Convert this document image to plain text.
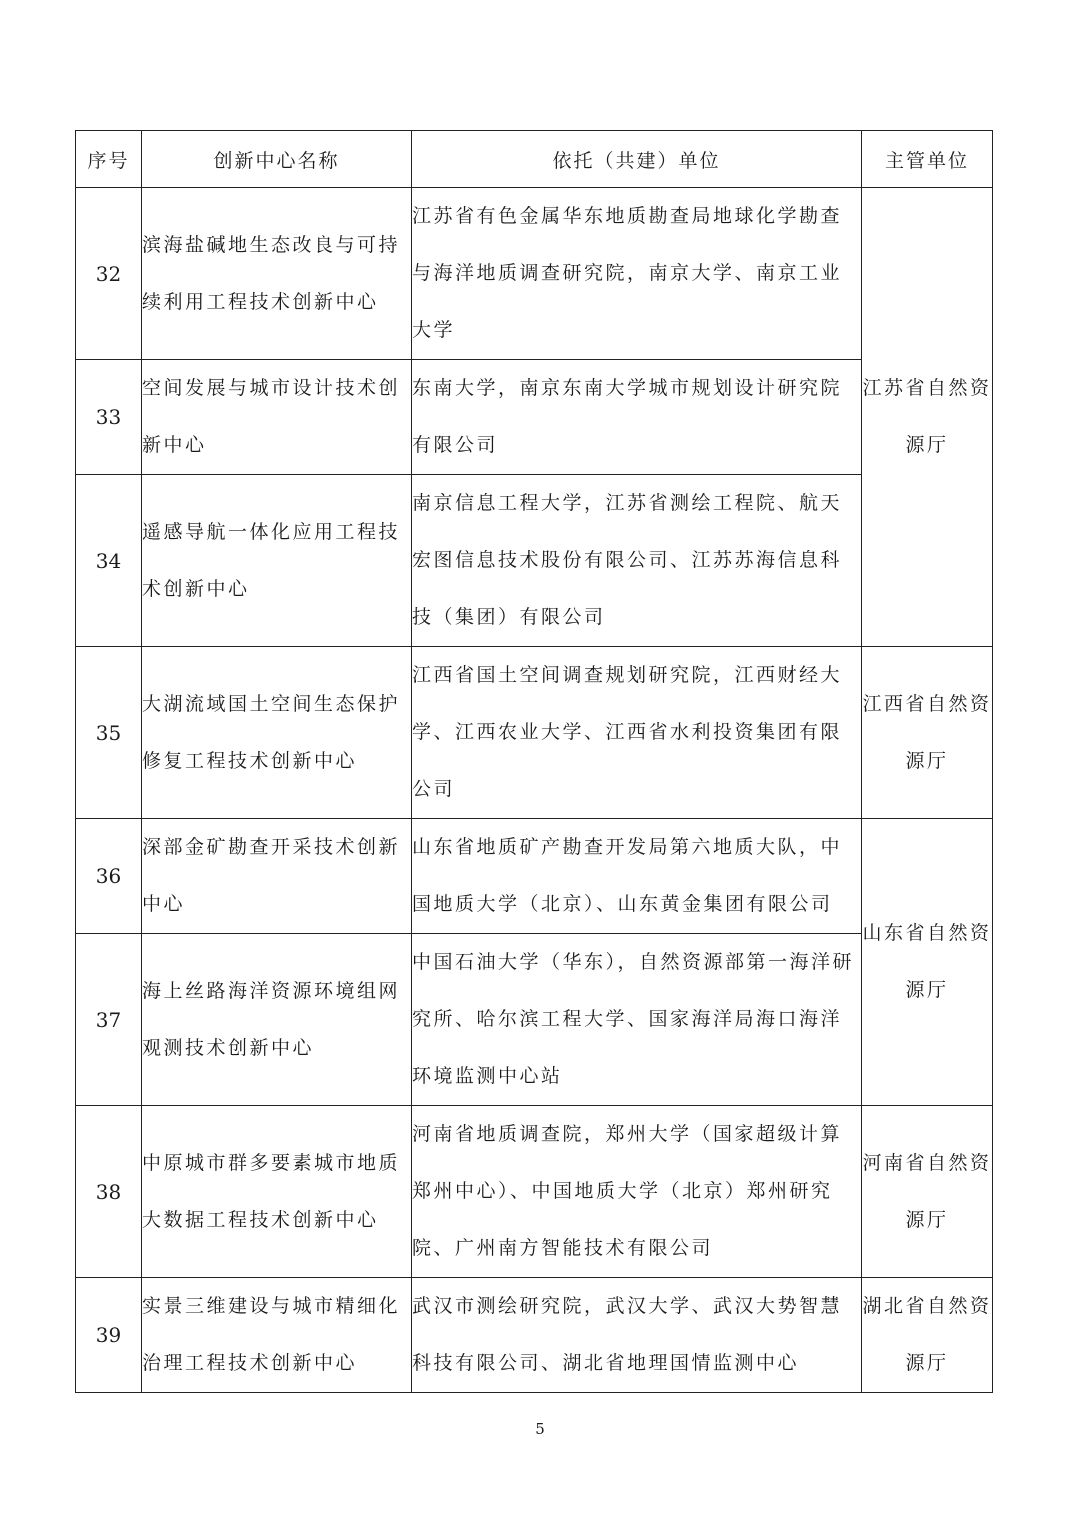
序号	创新中心名称	依托（共建）单位	主管单位
32	滨海盐碱地生态改良与可持续利用工程技术创新中心	江苏省有色金属华东地质勘查局地球化学勘查与海洋地质调查研究院，南京大学、南京工业大学	江苏省自然资源厅
33	空间发展与城市设计技术创新中心	东南大学，南京东南大学城市规划设计研究院有限公司	
34	遥感导航一体化应用工程技术创新中心	南京信息工程大学，江苏省测绘工程院、航天宏图信息技术股份有限公司、江苏苏海信息科技（集团）有限公司	
35	大湖流域国土空间生态保护修复工程技术创新中心	江西省国土空间调查规划研究院，江西财经大学、江西农业大学、江西省水利投资集团有限公司	江西省自然资源厅
36	深部金矿勘查开采技术创新中心	山东省地质矿产勘查开发局第六地质大队，中国地质大学（北京）、山东黄金集团有限公司	山东省自然资源厅
37	海上丝路海洋资源环境组网观测技术创新中心	中国石油大学（华东），自然资源部第一海洋研究所、哈尔滨工程大学、国家海洋局海口海洋环境监测中心站	
38	中原城市群多要素城市地质大数据工程技术创新中心	河南省地质调查院，郑州大学（国家超级计算郑州中心）、中国地质大学（北京）郑州研究院、广州南方智能技术有限公司	河南省自然资源厅
39	实景三维建设与城市精细化治理工程技术创新中心	武汉市测绘研究院，武汉大学、武汉大势智慧科技有限公司、湖北省地理国情监测中心	湖北省自然资源厅
5
